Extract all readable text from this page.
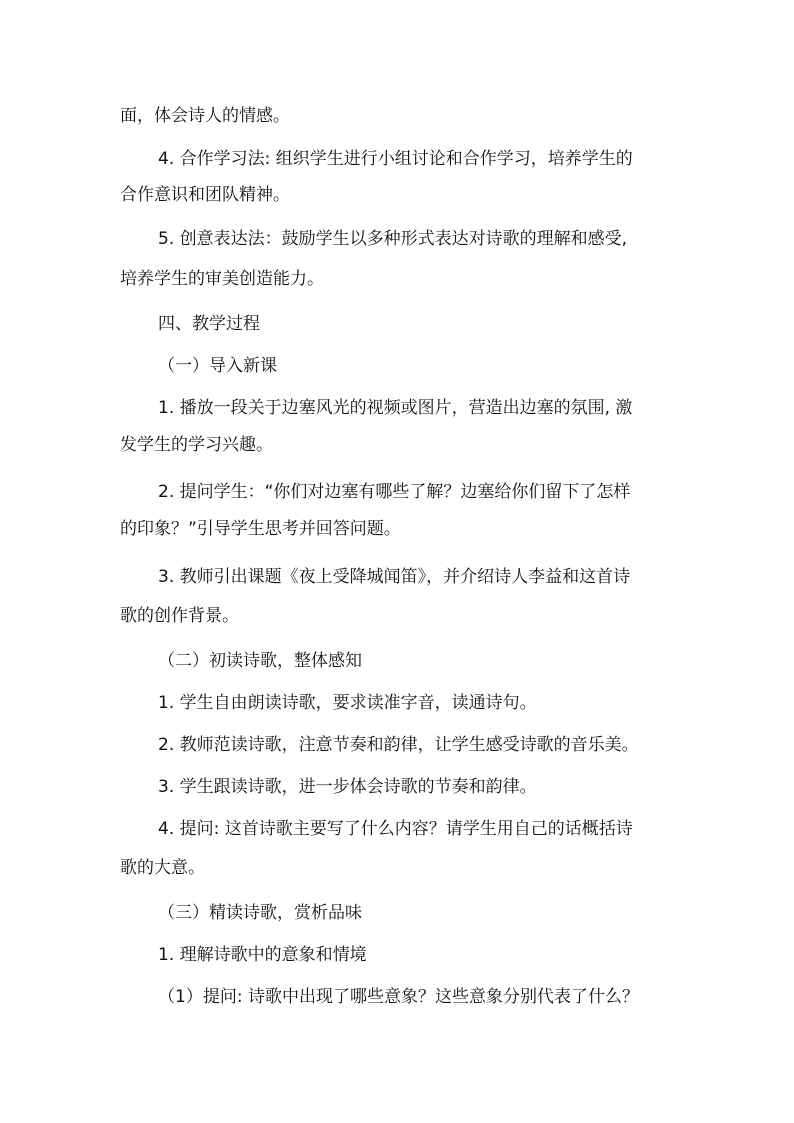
面，体会诗人的情感。
4. 合作学习法: 组织学生进行小组讨论和合作学习，培养学生的
合作意识和团队精神。
5. 创意表达法：鼓励学生以多种形式表达对诗歌的理解和感受,
培养学生的审美创造能力。
四、教学过程
（一）导入新课
1. 播放一段关于边塞风光的视频或图片，营造出边塞的氛围, 激
发学生的学习兴趣。
2. 提问学生：“你们对边塞有哪些了解？边塞给你们留下了怎样
的印象？”引导学生思考并回答问题。
3. 教师引出课题《夜上受降城闻笛》，并介绍诗人李益和这首诗
歌的创作背景。
（二）初读诗歌，整体感知
1. 学生自由朗读诗歌，要求读准字音，读通诗句。
2. 教师范读诗歌，注意节奏和韵律，让学生感受诗歌的音乐美。
3. 学生跟读诗歌，进一步体会诗歌的节奏和韵律。
4. 提问: 这首诗歌主要写了什么内容？请学生用自己的话概括诗
歌的大意。
（三）精读诗歌，赏析品味
1. 理解诗歌中的意象和情境
（1）提问: 诗歌中出现了哪些意象？这些意象分别代表了什么？
